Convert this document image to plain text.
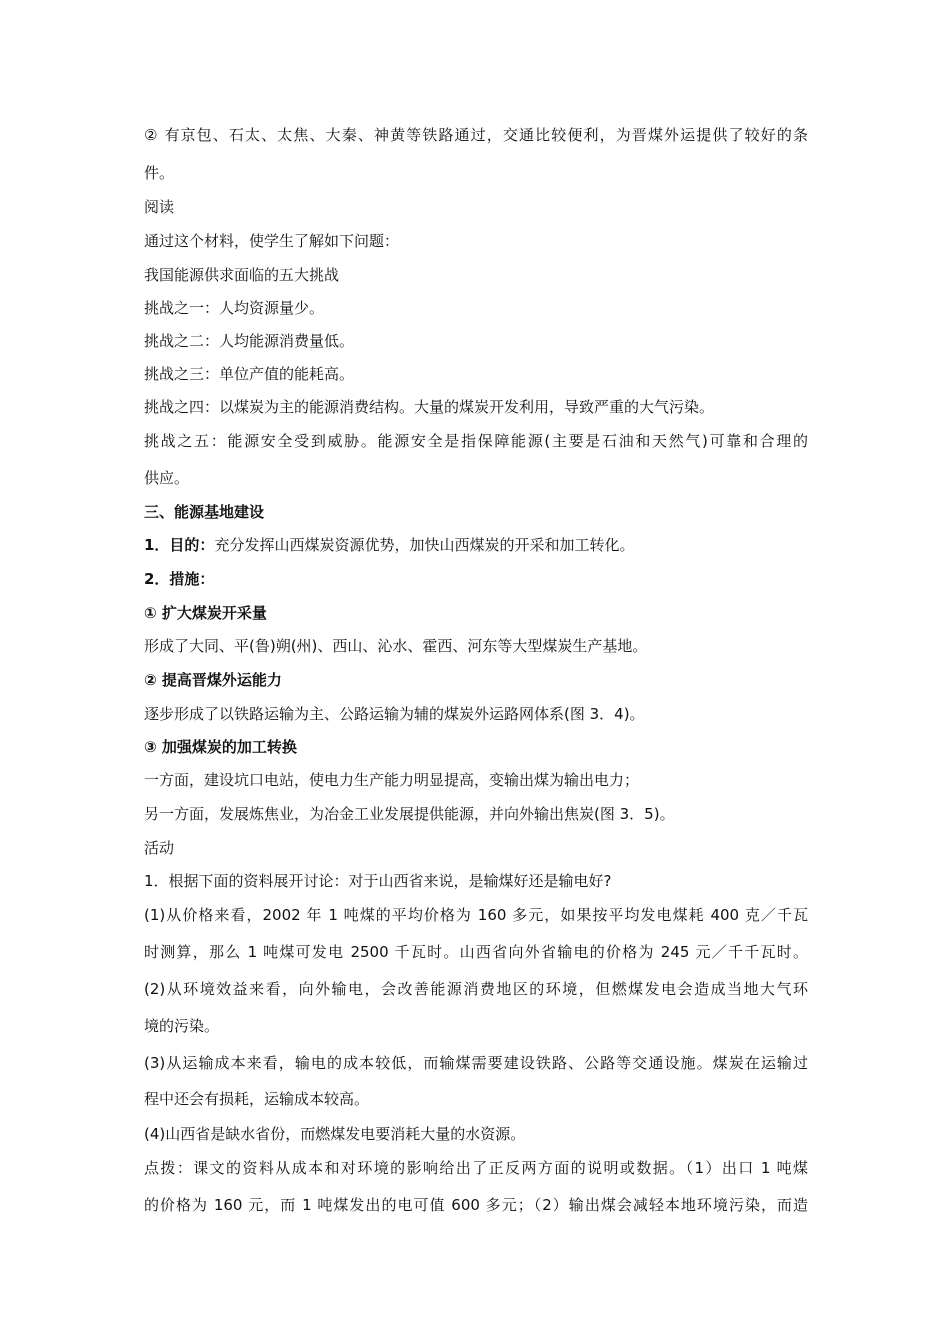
② 有京包、石太、太焦、大秦、神黄等铁路通过，交通比较便利，为晋煤外运提供了较好的条
件。
阅读
通过这个材料，使学生了解如下问题：
我国能源供求面临的五大挑战
挑战之一：人均资源量少。
挑战之二：人均能源消费量低。
挑战之三：单位产值的能耗高。
挑战之四：以煤炭为主的能源消费结构。大量的煤炭开发利用，导致严重的大气污染。
挑战之五：能源安全受到威胁。能源安全是指保障能源(主要是石油和天然气)可靠和合理的
供应。
三、能源基地建设
1．目的：充分发挥山西煤炭资源优势，加快山西煤炭的开采和加工转化。
2．措施：
① 扩大煤炭开采量
形成了大同、平(鲁)朔(州)、西山、沁水、霍西、河东等大型煤炭生产基地。
② 提高晋煤外运能力
逐步形成了以铁路运输为主、公路运输为辅的煤炭外运路网体系(图 3．4)。
③ 加强煤炭的加工转换
一方面，建设坑口电站，使电力生产能力明显提高，变输出煤为输出电力；
另一方面，发展炼焦业，为冶金工业发展提供能源，并向外输出焦炭(图 3．5)。
活动
1．根据下面的资料展开讨论：对于山西省来说，是输煤好还是输电好?
(1)从价格来看，2002 年 1 吨煤的平均价格为 160 多元，如果按平均发电煤耗 400 克／千瓦
时测算，那么 1 吨煤可发电 2500 千瓦时。山西省向外省输电的价格为 245 元／千千瓦时。
(2)从环境效益来看，向外输电，会改善能源消费地区的环境，但燃煤发电会造成当地大气环
境的污染。
(3)从运输成本来看，输电的成本较低，而输煤需要建设铁路、公路等交通设施。煤炭在运输过
程中还会有损耗，运输成本较高。
(4)山西省是缺水省份，而燃煤发电要消耗大量的水资源。
点拨：课文的资料从成本和对环境的影响给出了正反两方面的说明或数据。（1）出口 1 吨煤
的价格为 160 元，而 1 吨煤发出的电可值 600 多元；（2）输出煤会减轻本地环境污染，而造
